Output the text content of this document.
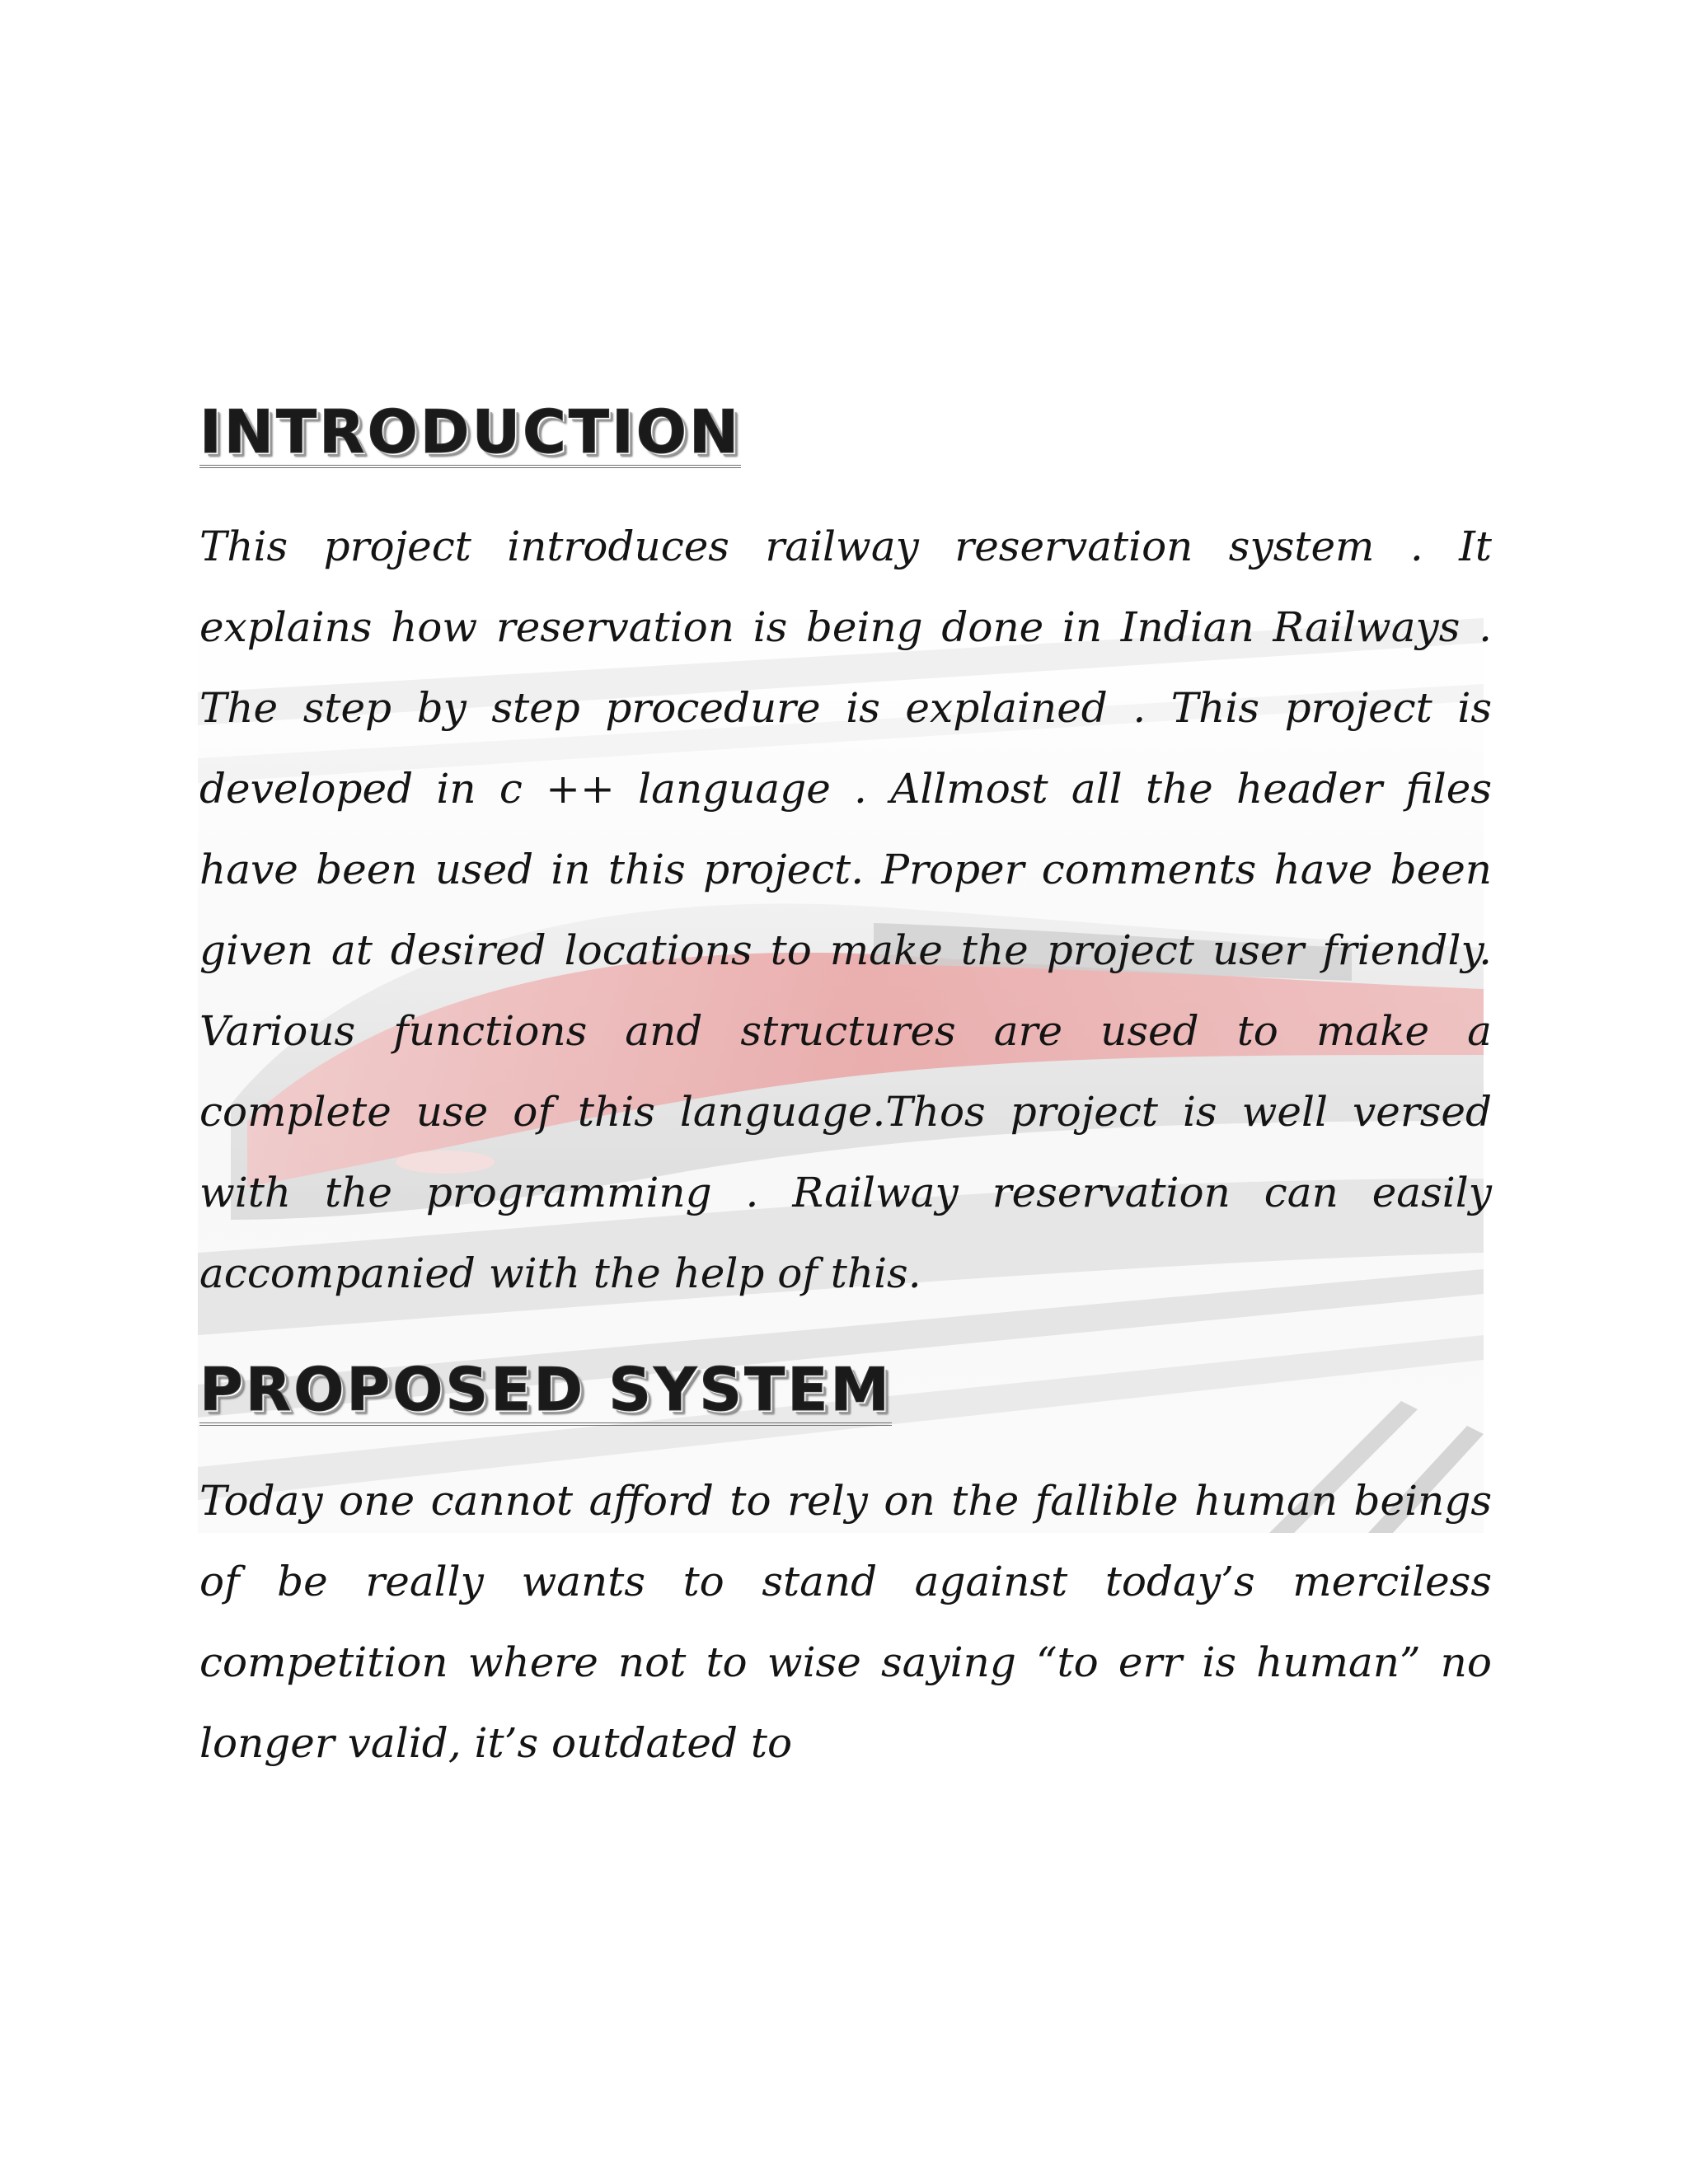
INTRODUCTION

This project introduces railway reservation system . It explains how reservation is being done in Indian Railways . The step by step procedure is explained . This project is developed in c ++ language . Allmost all the header files have been used in this project. Proper comments have been given at desired locations to make the project user friendly. Various functions and structures are used to make a complete use of this language.Thos project is well versed with the programming . Railway reservation can easily accompanied with the help of this.

PROPOSED SYSTEM

Today one cannot afford to rely on the fallible human beings of be really wants to stand against today’s merciless competition where not to wise saying “to err is human” no longer valid, it’s outdated to
